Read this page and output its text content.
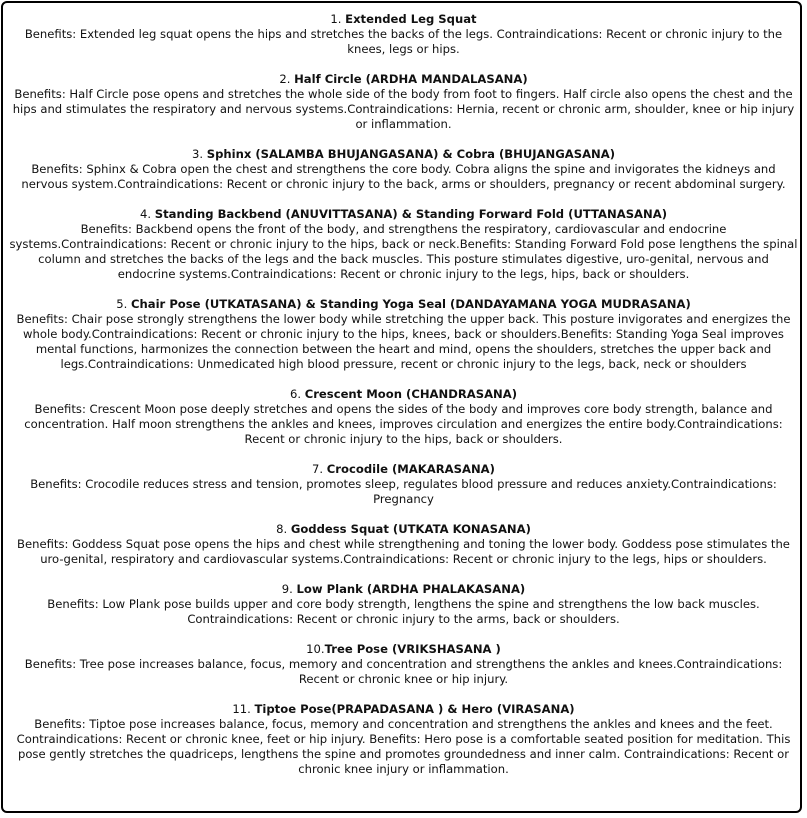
1. Extended Leg Squat
Benefits: Extended leg squat opens the hips and stretches the backs of the legs. Contraindications: Recent or chronic injury to the knees, legs or hips.
2. Half Circle (ARDHA MANDALASANA)
Benefits: Half Circle pose opens and stretches the whole side of the body from foot to fingers. Half circle also opens the chest and the hips and stimulates the respiratory and nervous systems.Contraindications: Hernia, recent or chronic arm, shoulder, knee or hip injury or inflammation.
3. Sphinx (SALAMBA BHUJANGASANA) & Cobra (BHUJANGASANA)
Benefits: Sphinx & Cobra open the chest and strengthens the core body. Cobra aligns the spine and invigorates the kidneys and nervous system.Contraindications: Recent or chronic injury to the back, arms or shoulders, pregnancy or recent abdominal surgery.
4. Standing Backbend (ANUVITTASANA) & Standing Forward Fold (UTTANASANA)
Benefits: Backbend opens the front of the body, and strengthens the respiratory, cardiovascular and endocrine systems.Contraindications: Recent or chronic injury to the hips, back or neck.Benefits: Standing Forward Fold pose lengthens the spinal column and stretches the backs of the legs and the back muscles. This posture stimulates digestive, uro-genital, nervous and endocrine systems.Contraindications: Recent or chronic injury to the legs, hips, back or shoulders.
5. Chair Pose (UTKATASANA) & Standing Yoga Seal (DANDAYAMANA YOGA MUDRASANA)
Benefits: Chair pose strongly strengthens the lower body while stretching the upper back. This posture invigorates and energizes the whole body.Contraindications: Recent or chronic injury to the hips, knees, back or shoulders.Benefits: Standing Yoga Seal improves mental functions, harmonizes the connection between the heart and mind, opens the shoulders, stretches the upper back and legs.Contraindications: Unmedicated high blood pressure, recent or chronic injury to the legs, back, neck or shoulders
6. Crescent Moon (CHANDRASANA)
Benefits: Crescent Moon pose deeply stretches and opens the sides of the body and improves core body strength, balance and concentration. Half moon strengthens the ankles and knees, improves circulation and energizes the entire body.Contraindications: Recent or chronic injury to the hips, back or shoulders.
7. Crocodile (MAKARASANA)
Benefits: Crocodile reduces stress and tension, promotes sleep, regulates blood pressure and reduces anxiety.Contraindications: Pregnancy
8. Goddess Squat (UTKATA KONASANA)
Benefits: Goddess Squat pose opens the hips and chest while strengthening and toning the lower body. Goddess pose stimulates the uro-genital, respiratory and cardiovascular systems.Contraindications: Recent or chronic injury to the legs, hips or shoulders.
9. Low Plank (ARDHA PHALAKASANA)
Benefits: Low Plank pose builds upper and core body strength, lengthens the spine and strengthens the low back muscles. Contraindications: Recent or chronic injury to the arms, back or shoulders.
10.Tree Pose (VRIKSHASANA )
Benefits: Tree pose increases balance, focus, memory and concentration and strengthens the ankles and knees.Contraindications: Recent or chronic knee or hip injury.
11. Tiptoe Pose(PRAPADASANA ) & Hero (VIRASANA)
Benefits: Tiptoe pose increases balance, focus, memory and concentration and strengthens the ankles and knees and the feet. Contraindications: Recent or chronic knee, feet or hip injury. Benefits: Hero pose is a comfortable seated position for meditation. This pose gently stretches the quadriceps, lengthens the spine and promotes groundedness and inner calm. Contraindications: Recent or chronic knee injury or inflammation.
